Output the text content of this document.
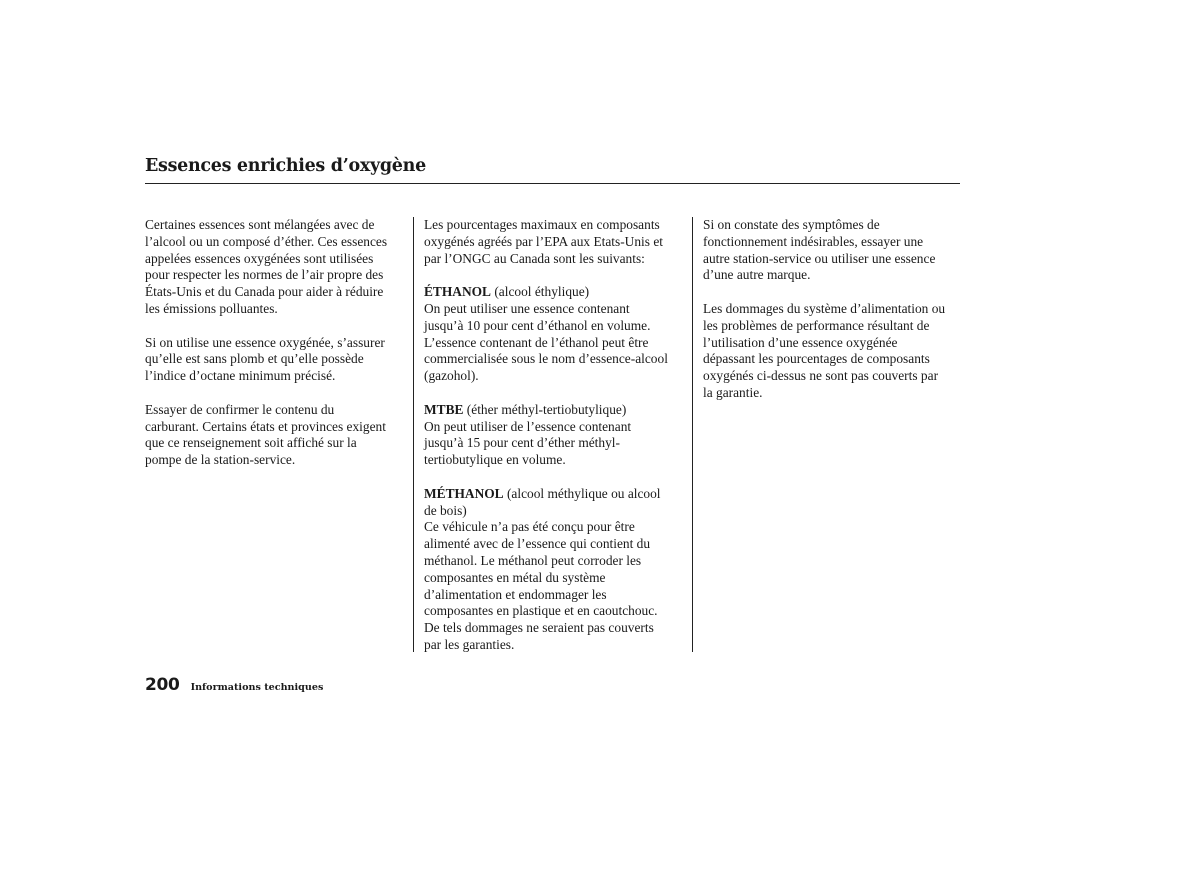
Essences enrichies d’oxygène

Certaines essences sont mélangées avec de
l’alcool ou un composé d’éther. Ces essences
appelées essences oxygénées sont utilisées
pour respecter les normes de l’air propre des
États-Unis et du Canada pour aider à réduire
les émissions polluantes.

Si on utilise une essence oxygénée, s’assurer
qu’elle est sans plomb et qu’elle possède
l’indice d’octane minimum précisé.

Essayer de confirmer le contenu du
carburant. Certains états et provinces exigent
que ce renseignement soit affiché sur la
pompe de la station-service.

Les pourcentages maximaux en composants
oxygénés agréés par l’EPA aux Etats-Unis et
par l’ONGC au Canada sont les suivants:

ÉTHANOL (alcool éthylique)
On peut utiliser une essence contenant
jusqu’à 10 pour cent d’éthanol en volume.
L’essence contenant de l’éthanol peut être
commercialisée sous le nom d’essence-alcool
(gazohol).

MTBE (éther méthyl-tertiobutylique)
On peut utiliser de l’essence contenant
jusqu’à 15 pour cent d’éther méthyl-
tertiobutylique en volume.

MÉTHANOL (alcool méthylique ou alcool
de bois)
Ce véhicule n’a pas été conçu pour être
alimenté avec de l’essence qui contient du
méthanol. Le méthanol peut corroder les
composantes en métal du système
d’alimentation et endommager les
composantes en plastique et en caoutchouc.
De tels dommages ne seraient pas couverts
par les garanties.

Si on constate des symptômes de
fonctionnement indésirables, essayer une
autre station-service ou utiliser une essence
d’une autre marque.

Les dommages du système d’alimentation ou
les problèmes de performance résultant de
l’utilisation d’une essence oxygénée
dépassant les pourcentages de composants
oxygénés ci-dessus ne sont pas couverts par
la garantie.

200 Informations techniques
